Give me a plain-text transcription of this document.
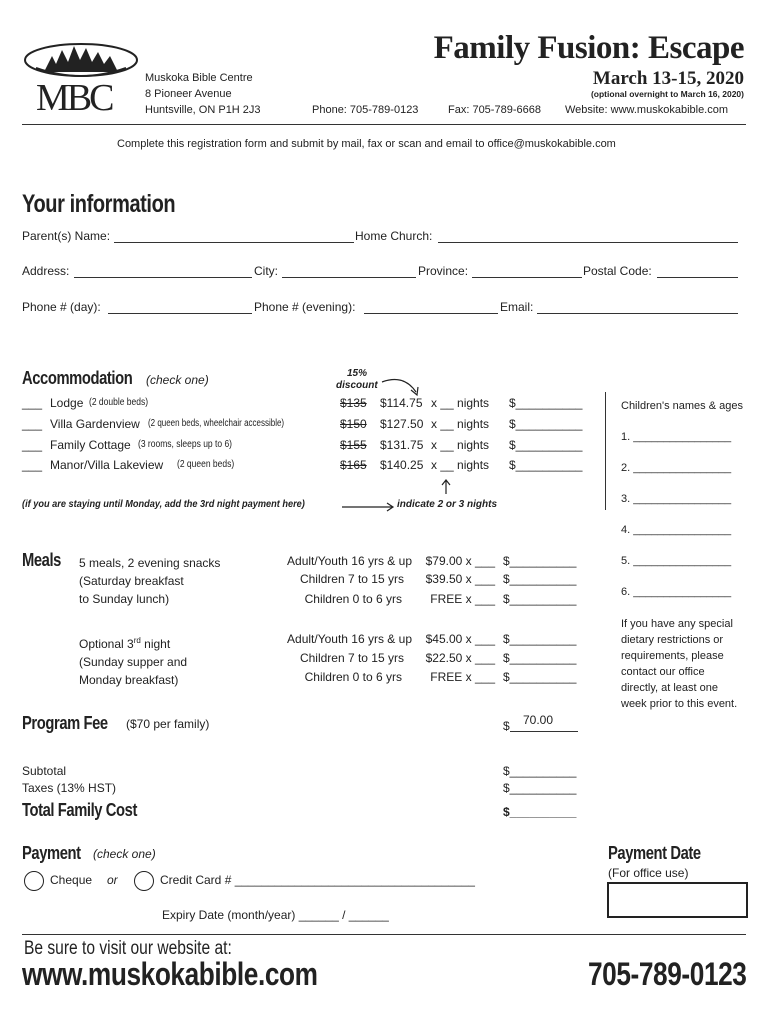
MBC	Muskoka Bible Centre
8 Pioneer Avenue
Huntsville, ON P1H 2J3
Family Fusion: Escape
March 13-15, 2020
(optional overnight to March 16, 2020)
Phone: 705-789-0123	Fax: 705-789-6668 Website: www.muskokabible.com
Complete this registration form and submit by mail, fax or scan and email to office@muskokabible.com
Your information
Parent(s) Name:	Home Church:
Address:	City:	Province:	Postal Code:
Phone # (day):	Phone # (evening):	Email:
Accommodation (check one)	15%
discount
___ Lodge (2 double beds)	$135 $114.75 x __ nights $__________
___ Villa Gardenview (2 queen beds, wheelchair accessible)	$150 $127.50 x __ nights $__________
___ Family Cottage (3 rooms, sleeps up to 6)	$155 $131.75 x __ nights $__________
___ Manor/Villa Lakeview (2 queen beds)	$165 $140.25 x __ nights $__________
(if you are staying until Monday, add the 3rd night payment here)	indicate 2 or 3 nights
Children's names & ages
1. ________________
2. ________________
3. ________________
4. ________________
5. ________________
6. ________________
If you have any special
dietary restrictions or
requirements, please
contact our office
directly, at least one
week prior to this event.
Meals 5 meals, 2 evening snacks
(Saturday breakfast
to Sunday lunch)
Adult/Youth 16 yrs & up $79.00 x ___ $__________
Children 7 to 15 yrs $39.50 x ___ $__________
Children 0 to 6 yrs FREE x ___ $__________
Optional 3rd night
(Sunday supper and
Monday breakfast)
Adult/Youth 16 yrs & up $45.00 x ___ $__________
Children 7 to 15 yrs $22.50 x ___ $__________
Children 0 to 6 yrs FREE x ___ $__________
Program Fee ($70 per family)	$ 70.00
Subtotal	$__________
Taxes (13% HST)	$__________
Total Family Cost	$__________
Payment (check one)
Cheque or	Credit Card # ____________________________________
Expiry Date (month/year) ______ / ______
Payment Date
(For office use)
Be sure to visit our website at:
www.muskokabible.com	705-789-0123
